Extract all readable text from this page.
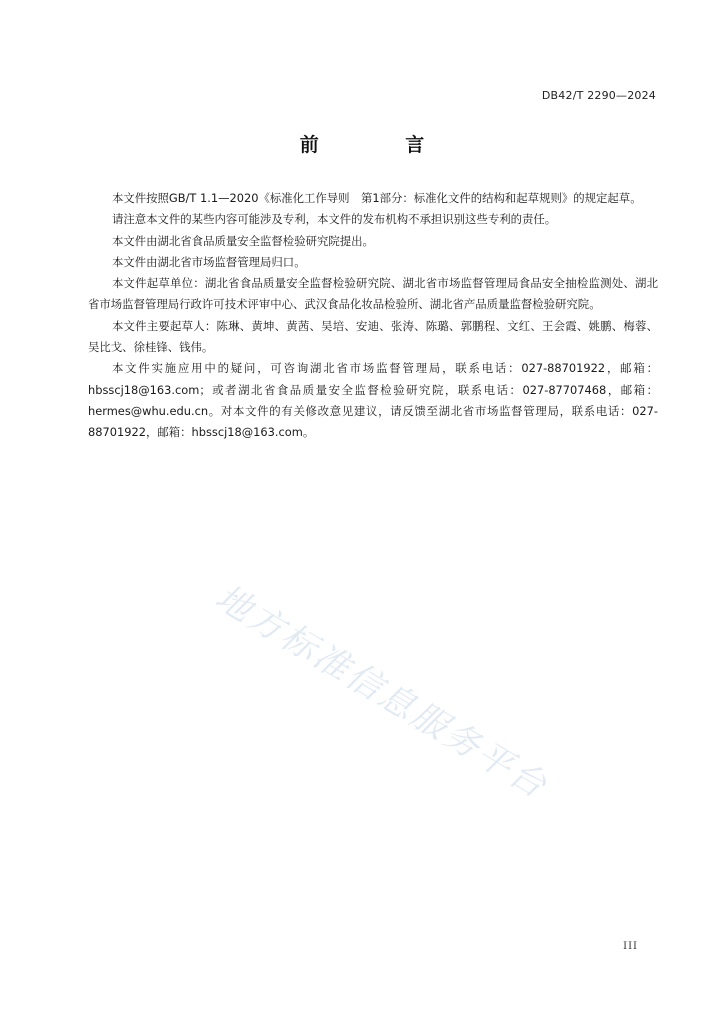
DB42/T 2290—2024
前 言

本文件按照GB/T 1.1—2020《标准化工作导则　第1部分：标准化文件的结构和起草规则》的规定起草。

请注意本文件的某些内容可能涉及专利，本文件的发布机构不承担识别这些专利的责任。

本文件由湖北省食品质量安全监督检验研究院提出。

本文件由湖北省市场监督管理局归口。

本文件起草单位：湖北省食品质量安全监督检验研究院、湖北省市场监督管理局食品安全抽检监测处、湖北省市场监督管理局行政许可技术评审中心、武汉食品化妆品检验所、湖北省产品质量监督检验研究院。

本文件主要起草人：陈琳、黄坤、黄茜、吴培、安迪、张涛、陈璐、郭鹏程、文红、王会霞、姚鹏、梅蓉、吴比戈、徐桂锋、钱伟。

本文件实施应用中的疑问，可咨询湖北省市场监督管理局，联系电话：027-88701922，邮箱：hbsscj18@163.com；或者湖北省食品质量安全监督检验研究院，联系电话：027-87707468，邮箱：hermes@whu.edu.cn。对本文件的有关修改意见建议，请反馈至湖北省市场监督管理局，联系电话：027-88701922，邮箱：hbsscj18@163.com。

地方标准信息服务平台
III
